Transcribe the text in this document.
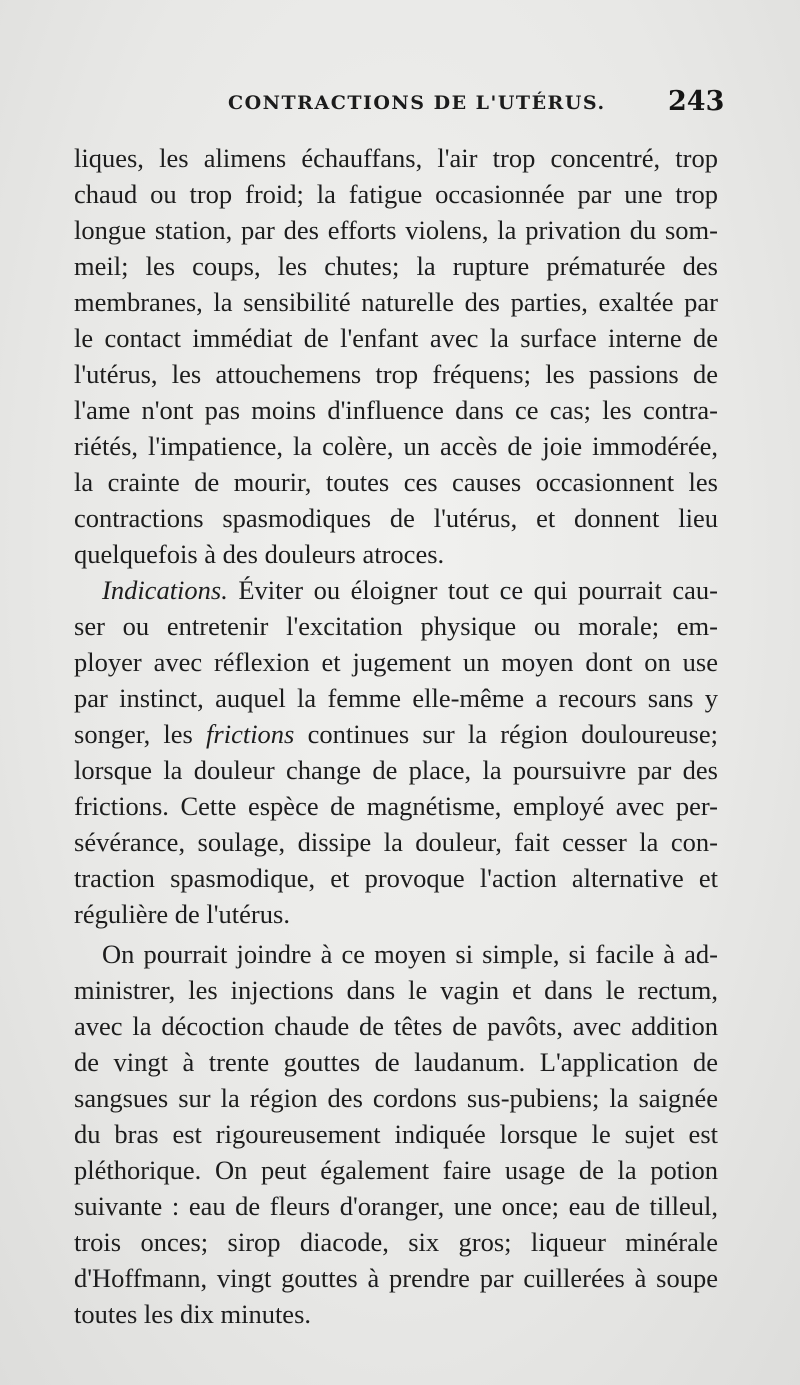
CONTRACTIONS DE L'UTÉRUS. 243
liques, les alimens échauffans, l'air trop concentré, trop
chaud ou trop froid; la fatigue occasionnée par une trop
longue station, par des efforts violens, la privation du som-
meil; les coups, les chutes; la rupture prématurée des
membranes, la sensibilité naturelle des parties, exaltée par
le contact immédiat de l'enfant avec la surface interne de
l'utérus, les attouchemens trop fréquens; les passions de
l'ame n'ont pas moins d'influence dans ce cas; les contra-
riétés, l'impatience, la colère, un accès de joie immodérée,
la crainte de mourir, toutes ces causes occasionnent les
contractions spasmodiques de l'utérus, et donnent lieu
quelquefois à des douleurs atroces.
Indications. Éviter ou éloigner tout ce qui pourrait cau-
ser ou entretenir l'excitation physique ou morale; em-
ployer avec réflexion et jugement un moyen dont on use
par instinct, auquel la femme elle-même a recours sans y
songer, les frictions continues sur la région douloureuse;
lorsque la douleur change de place, la poursuivre par des
frictions. Cette espèce de magnétisme, employé avec per-
sévérance, soulage, dissipe la douleur, fait cesser la con-
traction spasmodique, et provoque l'action alternative et
régulière de l'utérus.
On pourrait joindre à ce moyen si simple, si facile à ad-
ministrer, les injections dans le vagin et dans le rectum,
avec la décoction chaude de têtes de pavôts, avec addition
de vingt à trente gouttes de laudanum. L'application de
sangsues sur la région des cordons sus-pubiens; la saignée
du bras est rigoureusement indiquée lorsque le sujet est
pléthorique. On peut également faire usage de la potion
suivante : eau de fleurs d'oranger, une once; eau de tilleul,
trois onces; sirop diacode, six gros; liqueur minérale
d'Hoffmann, vingt gouttes à prendre par cuillerées à soupe
toutes les dix minutes.
